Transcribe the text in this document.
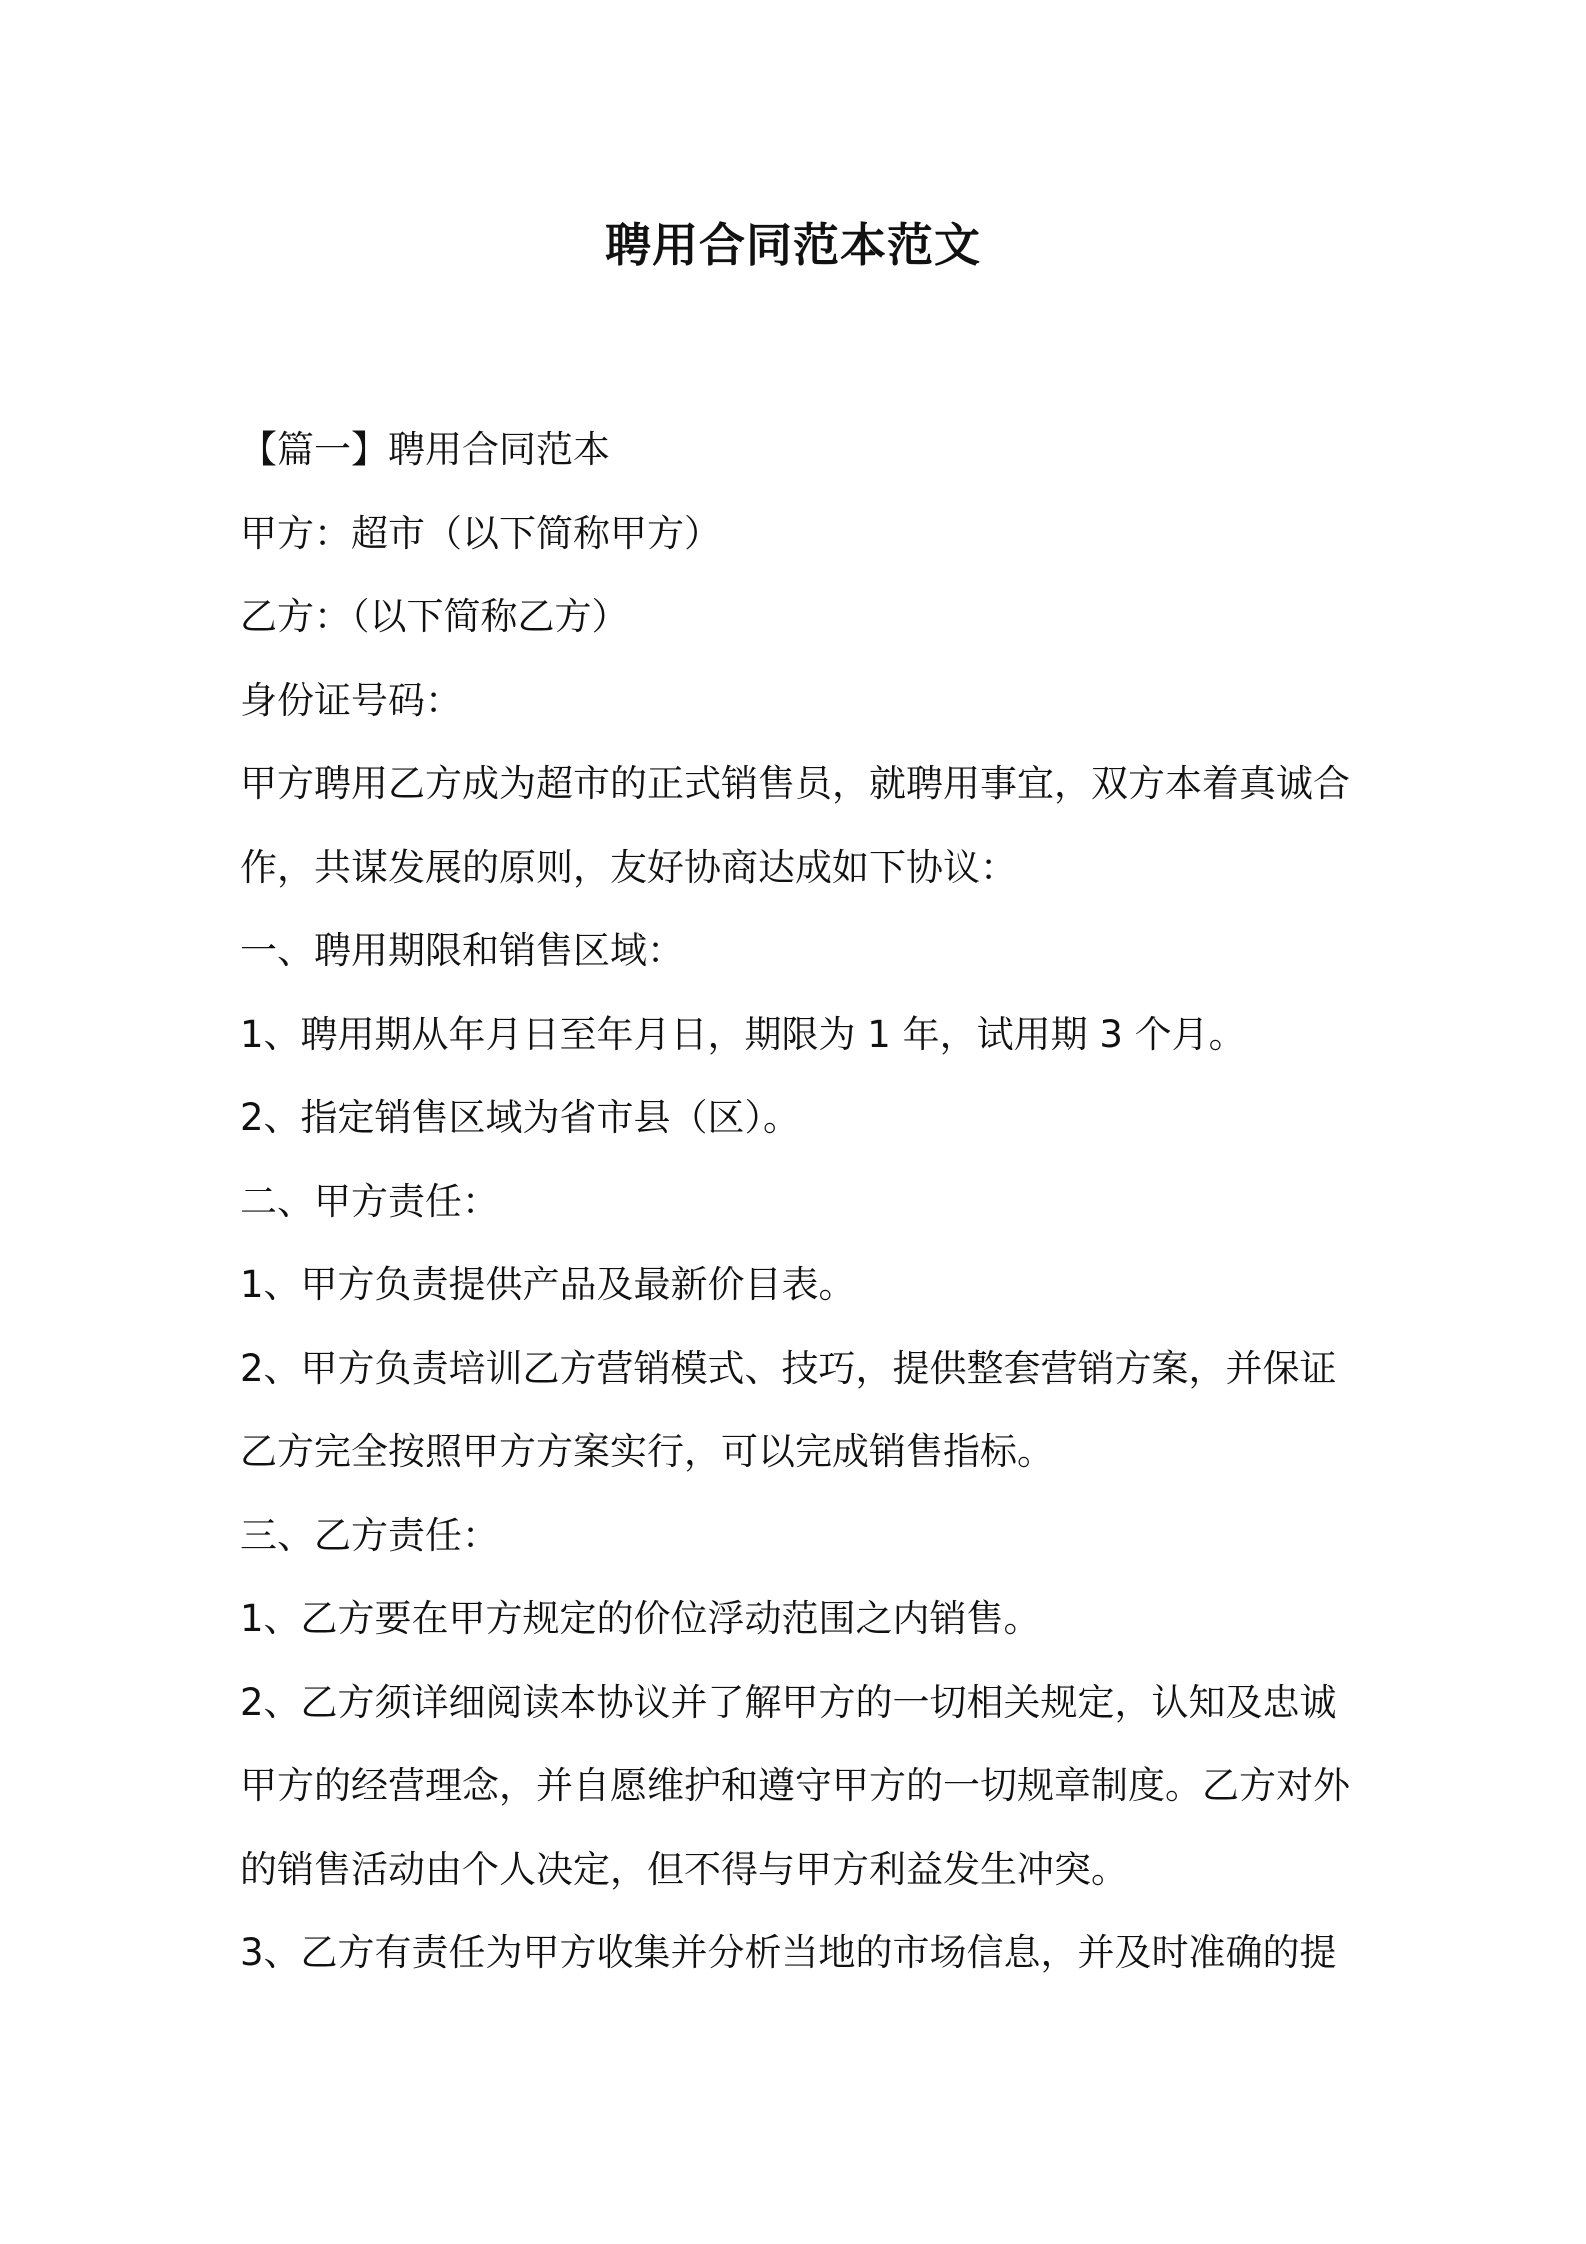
聘用合同范本范文
【篇一】聘用合同范本
甲方：超市（以下简称甲方）
乙方：（以下简称乙方）
身份证号码：
甲方聘用乙方成为超市的正式销售员，就聘用事宜，双方本着真诚合
作，共谋发展的原则，友好协商达成如下协议：
一、聘用期限和销售区域：
1、聘用期从年月日至年月日，期限为 1 年，试用期 3 个月。
2、指定销售区域为省市县（区）。
二、甲方责任：
1、甲方负责提供产品及最新价目表。
2、甲方负责培训乙方营销模式、技巧，提供整套营销方案，并保证
乙方完全按照甲方方案实行，可以完成销售指标。
三、乙方责任：
1、乙方要在甲方规定的价位浮动范围之内销售。
2、乙方须详细阅读本协议并了解甲方的一切相关规定，认知及忠诚
甲方的经营理念，并自愿维护和遵守甲方的一切规章制度。乙方对外
的销售活动由个人决定，但不得与甲方利益发生冲突。
3、乙方有责任为甲方收集并分析当地的市场信息，并及时准确的提
